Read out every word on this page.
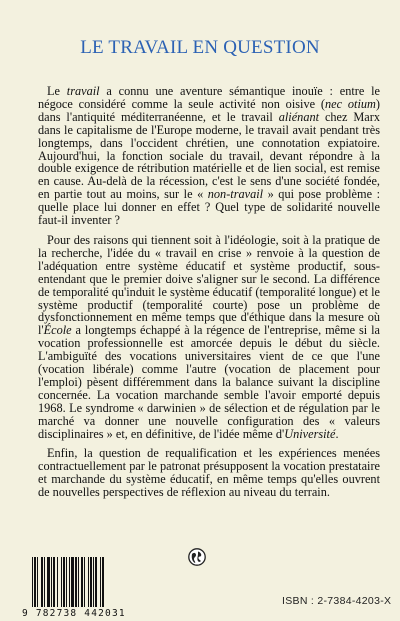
LE TRAVAIL EN QUESTION

Le travail a connu une aventure sémantique inouïe : entre le négoce considéré comme la seule activité non oisive (nec otium) dans l'antiquité méditerranéenne, et le travail aliénant chez Marx dans le capitalisme de l'Europe moderne, le travail avait pendant très longtemps, dans l'occident chrétien, une connotation expiatoire. Aujourd'hui, la fonction sociale du travail, devant répondre à la double exigence de rétribution matérielle et de lien social, est remise en cause. Au-delà de la récession, c'est le sens d'une société fondée, en partie tout au moins, sur le « non-travail » qui pose problème : quelle place lui donner en effet ? Quel type de solidarité nouvelle faut-il inventer ?

Pour des raisons qui tiennent soit à l'idéologie, soit à la pratique de la recherche, l'idée du « travail en crise » renvoie à la question de l'adéquation entre système éducatif et système productif, sous-entendant que le premier doive s'aligner sur le second. La différence de temporalité qu'induit le système éducatif (temporalité longue) et le système productif (temporalité courte) pose un problème de dysfonctionnement en même temps que d'éthique dans la mesure où l'École a longtemps échappé à la régence de l'entreprise, même si la vocation professionnelle est amorcée depuis le début du siècle. L'ambiguïté des vocations universitaires vient de ce que l'une (vocation libérale) comme l'autre (vocation de placement pour l'emploi) pèsent différemment dans la balance suivant la discipline concernée. La vocation marchande semble l'avoir emporté depuis 1968. Le syndrome « darwinien » de sélection et de régulation par le marché va donner une nouvelle configuration des « valeurs disciplinaires » et, en définitive, de l'idée même d'Université.

Enfin, la question de requalification et les expériences menées contractuellement par le patronat présupposent la vocation prestataire et marchande du système éducatif, en même temps qu'elles ouvrent de nouvelles perspectives de réflexion au niveau du terrain.

9 782738 442031
ISBN : 2-7384-4203-X
